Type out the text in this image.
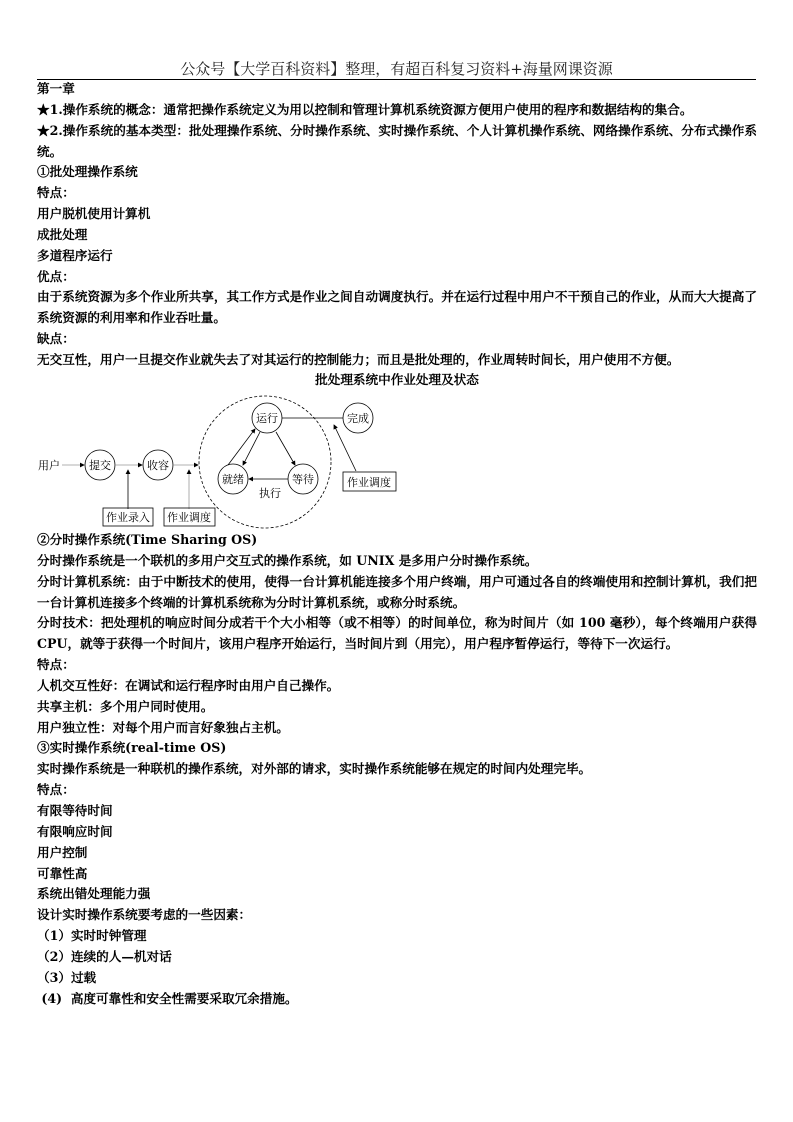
公众号【大学百科资料】整理，有超百科复习资料+海量网课资源

第一章

★1.操作系统的概念：通常把操作系统定义为用以控制和管理计算机系统资源方便用户使用的程序和数据结构的集合。

★2.操作系统的基本类型：批处理操作系统、分时操作系统、实时操作系统、个人计算机操作系统、网络操作系统、分布式操作系统。

①批处理操作系统

特点：

用户脱机使用计算机

成批处理

多道程序运行

优点：

由于系统资源为多个作业所共享，其工作方式是作业之间自动调度执行。并在运行过程中用户不干预自己的作业，从而大大提高了系统资源的利用率和作业吞吐量。

缺点：

无交互性，用户一旦提交作业就失去了对其运行的控制能力；而且是批处理的，作业周转时间长，用户使用不方便。

批处理系统中作业处理及状态

用户	提交	收容
运行	完成
就绪	等待
执行
作业录入 作业调度
作业调度

②分时操作系统(Time Sharing OS)

分时操作系统是一个联机的多用户交互式的操作系统，如 UNIX 是多用户分时操作系统。

分时计算机系统：由于中断技术的使用，使得一台计算机能连接多个用户终端，用户可通过各自的终端使用和控制计算机，我们把一台计算机连接多个终端的计算机系统称为分时计算机系统，或称分时系统。

分时技术：把处理机的响应时间分成若干个大小相等（或不相等）的时间单位，称为时间片（如 100 毫秒），每个终端用户获得 CPU，就等于获得一个时间片，该用户程序开始运行，当时间片到（用完），用户程序暂停运行，等待下一次运行。

特点：

人机交互性好：在调试和运行程序时由用户自己操作。

共享主机：多个用户同时使用。

用户独立性：对每个用户而言好象独占主机。

③实时操作系统(real-time OS)

实时操作系统是一种联机的操作系统，对外部的请求，实时操作系统能够在规定的时间内处理完毕。

特点：

有限等待时间

有限响应时间

用户控制

可靠性高

系统出错处理能力强

设计实时操作系统要考虑的一些因素：

（1）实时时钟管理

（2）连续的人—机对话

（3）过载

(4)  高度可靠性和安全性需要采取冗余措施。
